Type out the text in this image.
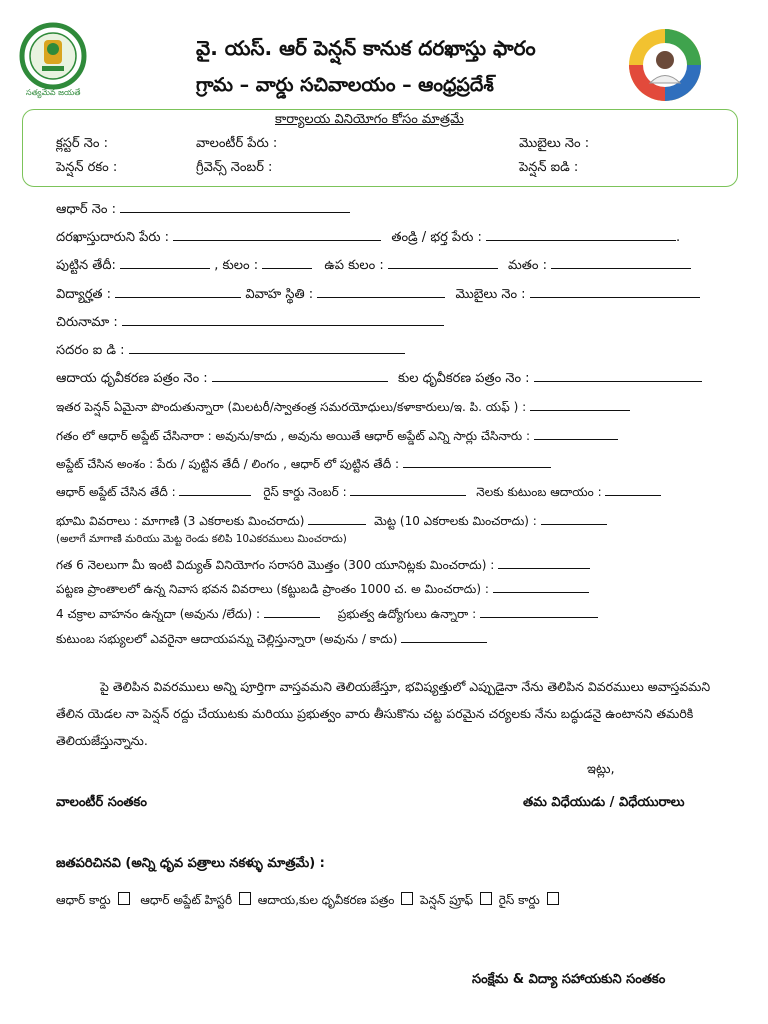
సత్యమేవ జయతే
వై. యస్. ఆర్ పెన్షన్ కానుక దరఖాస్తు ఫారం
గ్రామ – వార్డు సచివాలయం – ఆంధ్రప్రదేశ్
కార్యాలయ వినియోగం కోసం మాత్రమే
క్లస్టర్ నెం :	వాలంటీర్ పేరు :	మొబైలు నెం :
పెన్షన్ రకం :	గ్రీవెన్స్ నెంబర్ :	పెన్షన్ ఐడి :
ఆధార్ నెం :
దరఖాస్తుదారుని పేరు :	తండ్రి / భర్త పేరు :	.
పుట్టిన తేదీ:	, కులం :	ఉప కులం :	మతం :
విద్యార్హత :	వివాహ స్థితి :	మొబైలు నెం :
చిరునామా :
సదరం ఐ డి :
ఆదాయ ధృవీకరణ పత్రం నెం :	కుల ధృవీకరణ పత్రం నెం :
ఇతర పెన్షన్ ఏమైనా పొందుతున్నారా (మిలటరీ/స్వాతంత్ర సమరయోధులు/కళాకారులు/ఇ. పి. యఫ్ ) :
గతం లో ఆధార్ అప్డేట్ చేసినారా : అవును/కాదు , అవును అయితే ఆధార్ అప్డేట్ ఎన్ని సార్లు చేసినారు :
అప్డేట్ చేసిన అంశం : పేరు / పుట్టిన తేదీ / లింగం , ఆధార్ లో పుట్టిన తేదీ :
ఆధార్ అప్డేట్ చేసిన తేదీ :	రైస్ కార్డు నెంబర్ :	నెలకు కుటుంబ ఆదాయం :
భూమి వివరాలు : మాగాణి (3 ఎకరాలకు మించరాదు)	మెట్ట (10 ఎకరాలకు మించరాదు) :
(అలాగే మాగాణి మరియు మెట్ట రెండు కలిపి 10ఎకరములు మించరాదు)
గత 6 నెలలుగా మీ ఇంటి విద్యుత్ వినియోగం సరాసరి మొత్తం (300 యూనిట్లకు మించరాదు) :
పట్టణ ప్రాంతాలలో ఉన్న నివాస భవన వివరాలు (కట్టుబడి ప్రాంతం 1000 చ. అ మించరాదు) :
4 చక్రాల వాహనం ఉన్నదా (అవును /లేదు) :	ప్రభుత్వ ఉద్యోగులు ఉన్నారా :
కుటుంబ సభ్యులలో ఎవరైనా ఆదాయపన్ను చెల్లిస్తున్నారా (అవును / కాదు)
పై తెలిపిన వివరములు అన్ని పూర్తిగా వాస్తవమని తెలియజేస్తూ, భవిష్యత్తులో ఎప్పుడైనా నేను తెలిపిన వివరములు అవాస్తవమని తేలిన యెడల నా పెన్షన్ రద్దు చేయుటకు మరియు ప్రభుత్వం వారు తీసుకొను చట్ట పరమైన చర్యలకు నేను బద్ధుడనై ఉంటానని తమరికి తెలియజేస్తున్నాను.
ఇట్లు,
వాలంటీర్ సంతకం	తమ విధేయుడు / విధేయురాలు
జతపరిచినవి (అన్ని ధృవ పత్రాలు నకళ్ళు మాత్రమే) :
ఆధార్ కార్డు ఆధార్ అప్డేట్ హిస్టరీ ఆదాయ,కుల ధృవీకరణ పత్రం పెన్షన్ ప్రూఫ్ రైస్ కార్డు
సంక్షేమ & విద్యా సహాయకుని సంతకం
